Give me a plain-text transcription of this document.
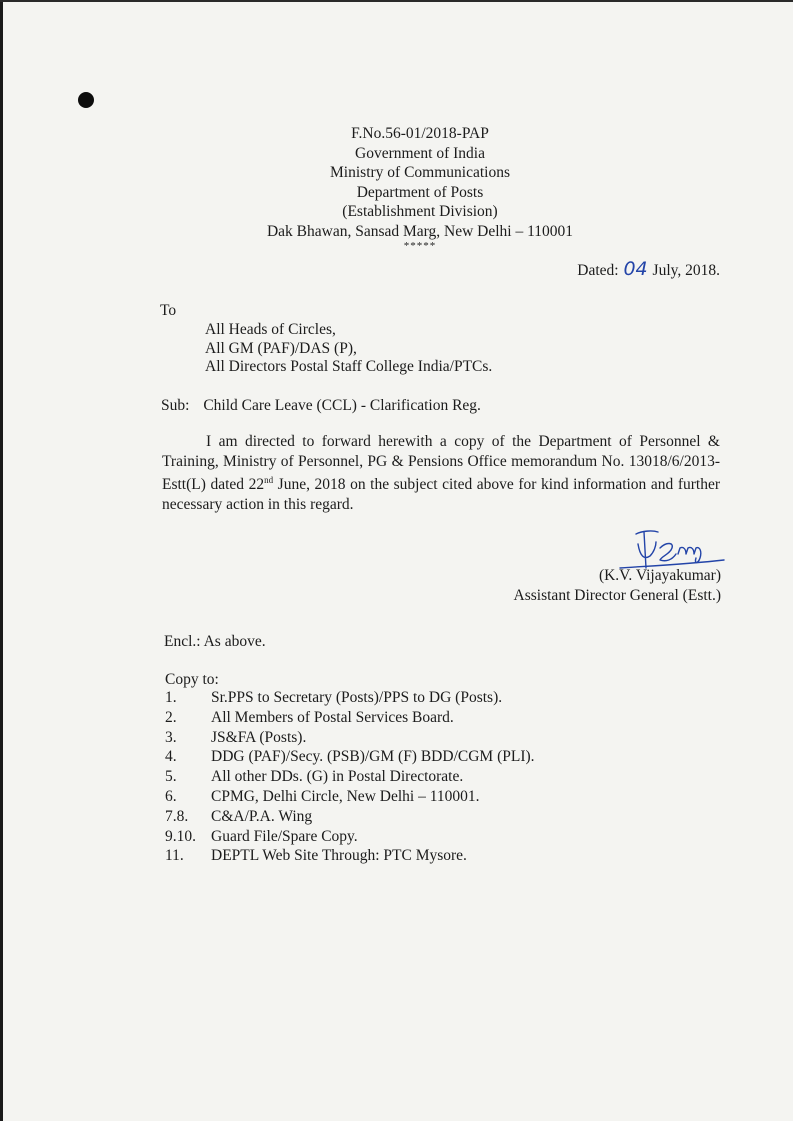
F.No.56-01/2018-PAP
Government of India
Ministry of Communications
Department of Posts
(Establishment Division)
Dak Bhawan, Sansad Marg, New Delhi – 110001
*****
Dated: 04 July, 2018.
To
All Heads of Circles,
All GM (PAF)/DAS (P),
All Directors Postal Staff College India/PTCs.
Sub: Child Care Leave (CCL) - Clarification Reg.
I am directed to forward herewith a copy of the Department of Personnel & Training, Ministry of Personnel, PG & Pensions Office memorandum No. 13018/6/2013-Estt(L) dated 22nd June, 2018 on the subject cited above for kind information and further necessary action in this regard.
(K.V. Vijayakumar)
Assistant Director General (Estt.)
Encl.: As above.
Copy to:
1.	Sr.PPS to Secretary (Posts)/PPS to DG (Posts).
2.	All Members of Postal Services Board.
3.	JS&FA (Posts).
4.	DDG (PAF)/Secy. (PSB)/GM (F) BDD/CGM (PLI).
5.	All other DDs. (G) in Postal Directorate.
6.	CPMG, Delhi Circle, New Delhi – 110001.
7.8.	C&A/P.A. Wing
9.10. Guard File/Spare Copy.
11.	DEPTL Web Site Through: PTC Mysore.
